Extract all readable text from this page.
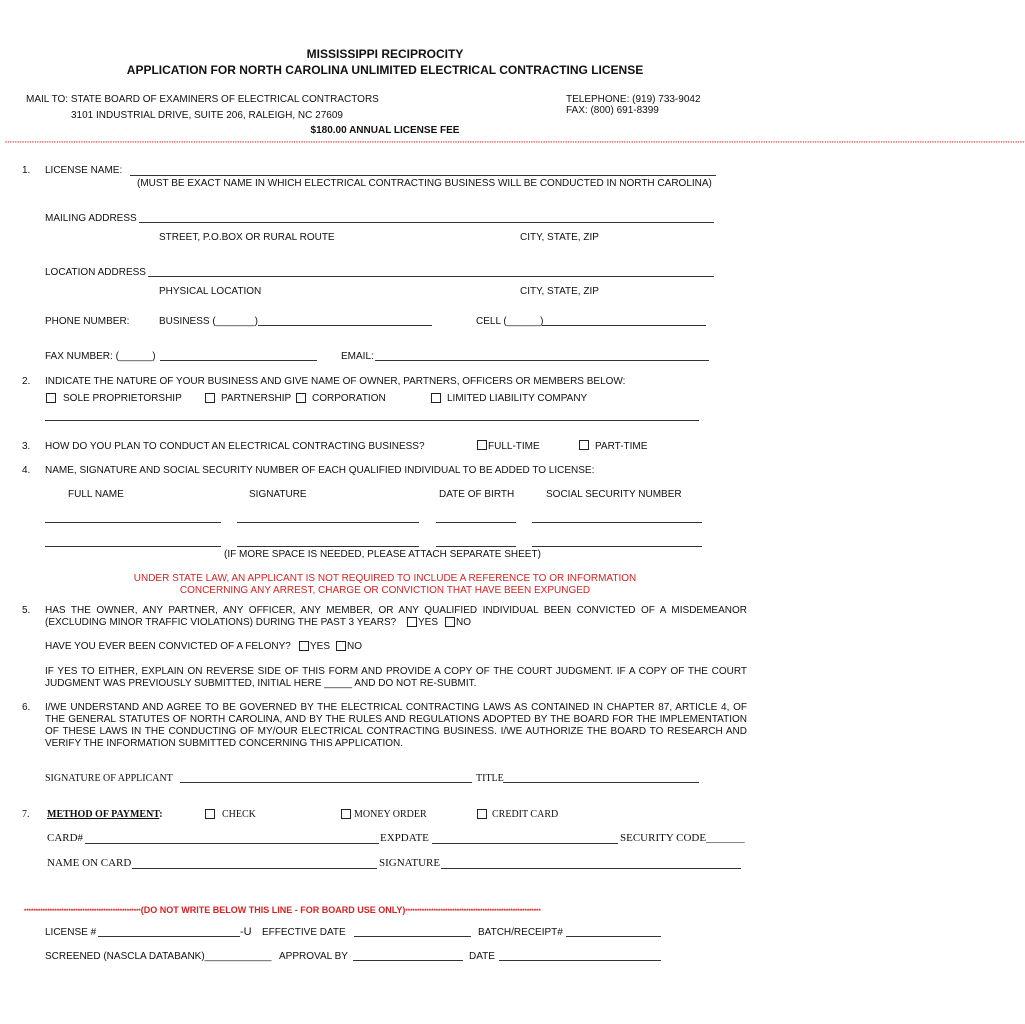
MISSISSIPPI RECIPROCITY
APPLICATION FOR NORTH CAROLINA UNLIMITED ELECTRICAL CONTRACTING LICENSE
MAIL TO: STATE BOARD OF EXAMINERS OF ELECTRICAL CONTRACTORS
3101 INDUSTRIAL DRIVE, SUITE 206, RALEIGH, NC 27609
TELEPHONE: (919) 733-9042
FAX: (800) 691-8399
$180.00 ANNUAL LICENSE FEE
*********************************************************************************************************************************************************************************************************************************************************************************************************************************************************************************************************************************
1. LICENSE NAME:
(MUST BE EXACT NAME IN WHICH ELECTRICAL CONTRACTING BUSINESS WILL BE CONDUCTED IN NORTH CAROLINA)
MAILING ADDRESS
STREET, P.O.BOX OR RURAL ROUTE	CITY, STATE, ZIP
LOCATION ADDRESS
PHYSICAL LOCATION	CITY, STATE, ZIP
PHONE NUMBER:	BUSINESS (_______)	CELL (______)
FAX NUMBER: (______)	EMAIL:
2. INDICATE THE NATURE OF YOUR BUSINESS AND GIVE NAME OF OWNER, PARTNERS, OFFICERS OR MEMBERS BELOW:
SOLE PROPRIETORSHIP	PARTNERSHIP CORPORATION	LIMITED LIABILITY COMPANY
3. HOW DO YOU PLAN TO CONDUCT AN ELECTRICAL CONTRACTING BUSINESS?	FULL-TIME	PART-TIME
4. NAME, SIGNATURE AND SOCIAL SECURITY NUMBER OF EACH QUALIFIED INDIVIDUAL TO BE ADDED TO LICENSE:
FULL NAME	SIGNATURE	DATE OF BIRTH	SOCIAL SECURITY NUMBER
(IF MORE SPACE IS NEEDED, PLEASE ATTACH SEPARATE SHEET)
UNDER STATE LAW, AN APPLICANT IS NOT REQUIRED TO INCLUDE A REFERENCE TO OR INFORMATION
CONCERNING ANY ARREST, CHARGE OR CONVICTION THAT HAVE BEEN EXPUNGED
5. HAS THE OWNER, ANY PARTNER, ANY OFFICER, ANY MEMBER, OR ANY QUALIFIED INDIVIDUAL BEEN CONVICTED OF A MISDEMEANOR
(EXCLUDING MINOR TRAFFIC VIOLATIONS) DURING THE PAST 3 YEARS? YES NO
HAVE YOU EVER BEEN CONVICTED OF A FELONY? YES NO
IF YES TO EITHER, EXPLAIN ON REVERSE SIDE OF THIS FORM AND PROVIDE A COPY OF THE COURT JUDGMENT. IF A COPY OF THE COURT JUDGMENT WAS PREVIOUSLY SUBMITTED, INITIAL HERE _____ AND DO NOT RE-SUBMIT.
6. I/WE UNDERSTAND AND AGREE TO BE GOVERNED BY THE ELECTRICAL CONTRACTING LAWS AS CONTAINED IN CHAPTER 87, ARTICLE 4, OF THE GENERAL STATUTES OF NORTH CAROLINA, AND BY THE RULES AND REGULATIONS ADOPTED BY THE BOARD FOR THE IMPLEMENTATION OF THESE LAWS IN THE CONDUCTING OF MY/OUR ELECTRICAL CONTRACTING BUSINESS. I/WE AUTHORIZE THE BOARD TO RESEARCH AND VERIFY THE INFORMATION SUBMITTED CONCERNING THIS APPLICATION.
SIGNATURE OF APPLICANT	TITLE
7. METHOD OF PAYMENT:	CHECK	MONEY ORDER	CREDIT CARD
CARD#	EXPDATE	SECURITY CODE_______
NAME ON CARD	SIGNATURE
**************************************************(DO NOT WRITE BELOW THIS LINE - FOR BOARD USE ONLY)**********************************************************
LICENSE #	-U EFFECTIVE DATE	BATCH/RECEIPT#
SCREENED (NASCLA DATABANK)____________ APPROVAL BY	DATE
